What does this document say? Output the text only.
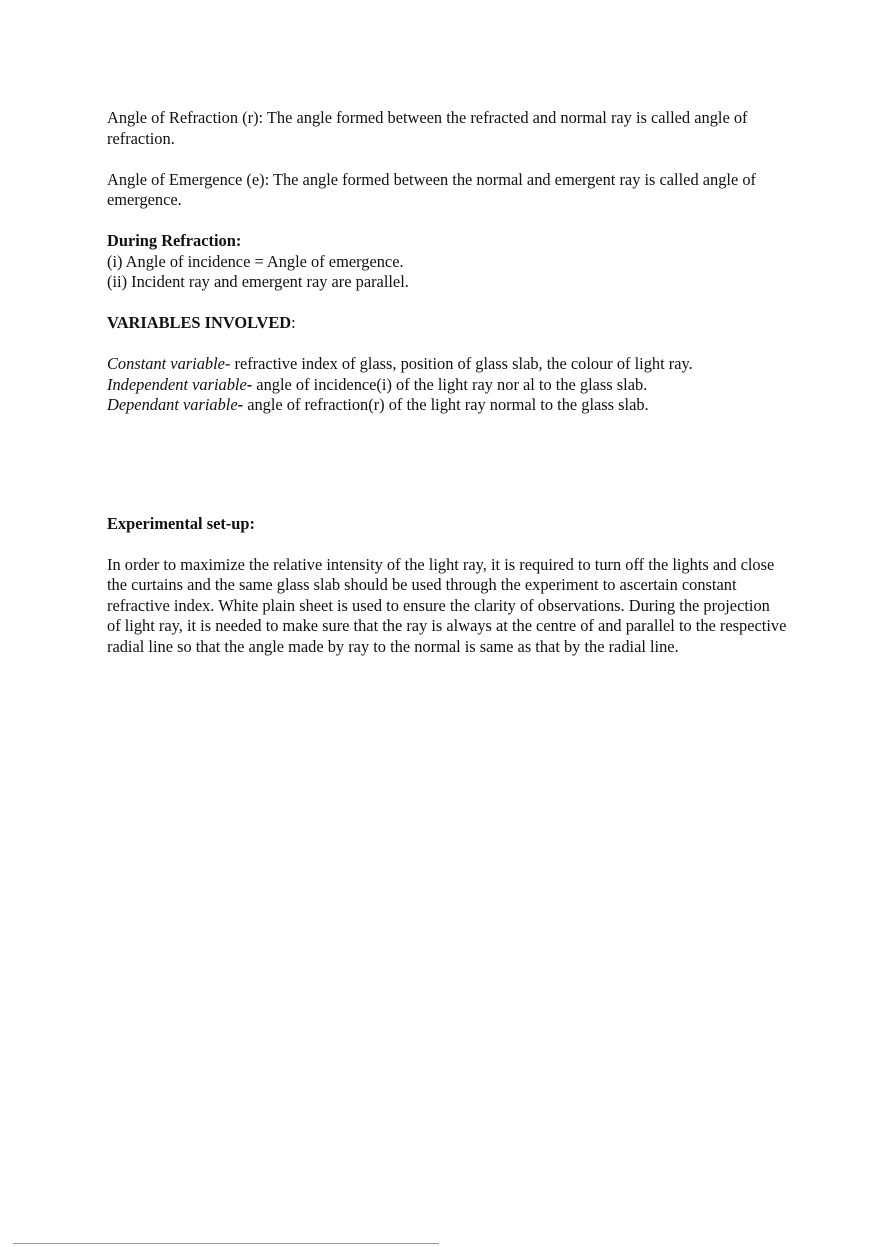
Angle of Refraction (r): The angle formed between the refracted and normal ray is called angle of refraction.

Angle of Emergence (e): The angle formed between the normal and emergent ray is called angle of emergence.

During Refraction:
(i) Angle of incidence = Angle of emergence.
(ii) Incident ray and emergent ray are parallel.
VARIABLES INVOLVED:
Constant variable- refractive index of glass, position of glass slab, the colour of light ray.
Independent variable- angle of incidence(i) of the light ray nor al to the glass slab.
Dependant variable- angle of refraction(r) of the light ray normal to the glass slab.
Experimental set-up:

In order to maximize the relative intensity of the light ray, it is required to turn off the lights and close the curtains and the same glass slab should be used through the experiment to ascertain constant refractive index. White plain sheet is used to ensure the clarity of observations. During the projection of light ray, it is needed to make sure that the ray is always at the centre of and parallel to the respective radial line so that the angle made by ray to the normal is same as that by the radial line.
